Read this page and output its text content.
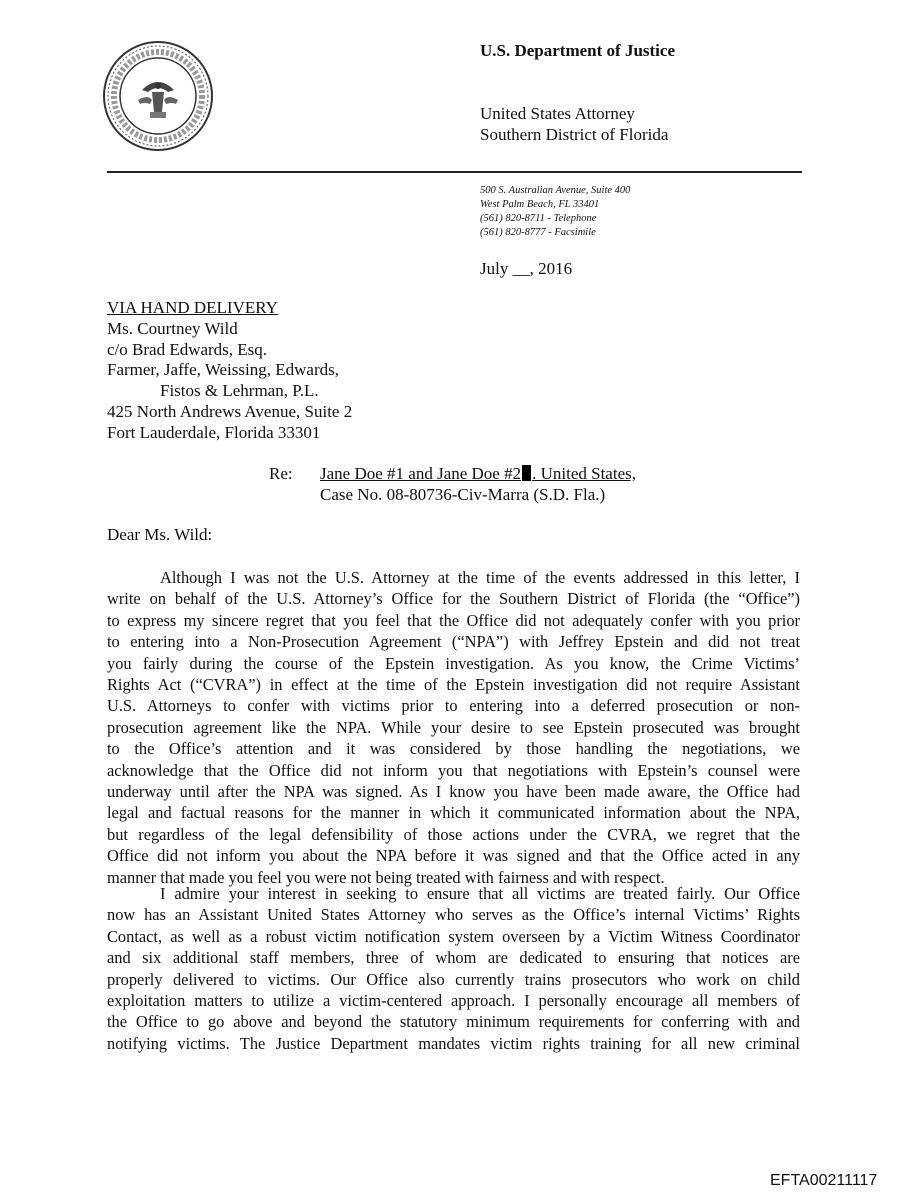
U.S. Department of Justice
United States Attorney
Southern District of Florida
500 S. Australian Avenue, Suite 400
West Palm Beach, FL 33401
(561) 820-8711 - Telephone
(561) 820-8777 - Facsimile
July __, 2016
VIA HAND DELIVERY
Ms. Courtney Wild
c/o Brad Edwards, Esq.
Farmer, Jaffe, Weissing, Edwards,
Fistos & Lehrman, P.L.
425 North Andrews Avenue, Suite 2
Fort Lauderdale, Florida 33301
Re: Jane Doe #1 and Jane Doe #2 . United States,
Case No. 08-80736-Civ-Marra (S.D. Fla.)
Dear Ms. Wild:
Although I was not the U.S. Attorney at the time of the events addressed in this letter, I
write on behalf of the U.S. Attorney’s Office for the Southern District of Florida (the “Office”)
to express my sincere regret that you feel that the Office did not adequately confer with you prior
to entering into a Non-Prosecution Agreement (“NPA”) with Jeffrey Epstein and did not treat
you fairly during the course of the Epstein investigation. As you know, the Crime Victims’
Rights Act (“CVRA”) in effect at the time of the Epstein investigation did not require Assistant
U.S. Attorneys to confer with victims prior to entering into a deferred prosecution or non-
prosecution agreement like the NPA. While your desire to see Epstein prosecuted was brought
to the Office’s attention and it was considered by those handling the negotiations, we
acknowledge that the Office did not inform you that negotiations with Epstein’s counsel were
underway until after the NPA was signed. As I know you have been made aware, the Office had
legal and factual reasons for the manner in which it communicated information about the NPA,
but regardless of the legal defensibility of those actions under the CVRA, we regret that the
Office did not inform you about the NPA before it was signed and that the Office acted in any
manner that made you feel you were not being treated with fairness and with respect.
I admire your interest in seeking to ensure that all victims are treated fairly. Our Office
now has an Assistant United States Attorney who serves as the Office’s internal Victims’ Rights
Contact, as well as a robust victim notification system overseen by a Victim Witness Coordinator
and six additional staff members, three of whom are dedicated to ensuring that notices are
properly delivered to victims. Our Office also currently trains prosecutors who work on child
exploitation matters to utilize a victim-centered approach. I personally encourage all members of
the Office to go above and beyond the statutory minimum requirements for conferring with and
notifying victims. The Justice Department mandates victim rights training for all new criminal
EFTA00211117
